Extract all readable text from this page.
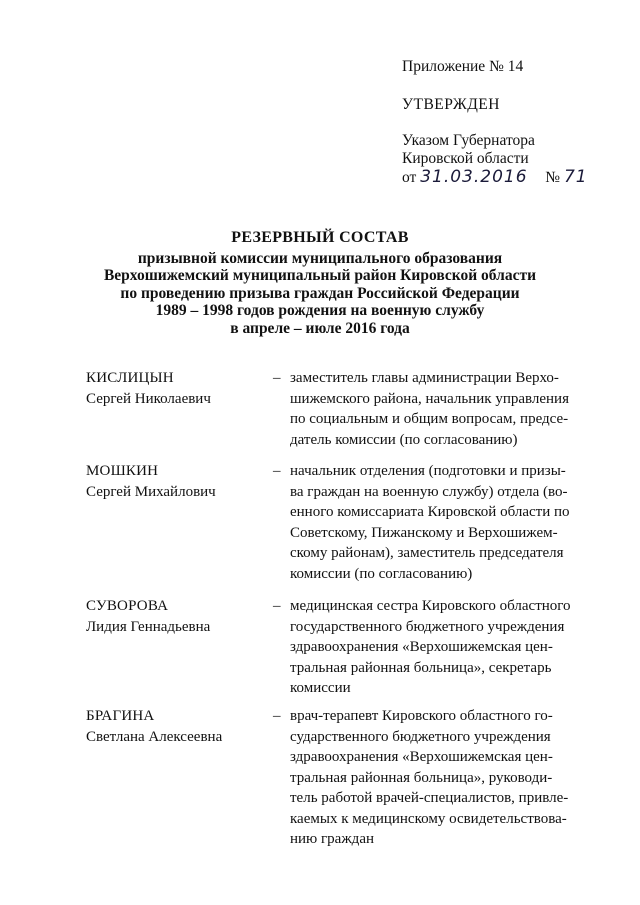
Приложение № 14
УТВЕРЖДЕН
Указом Губернатора
Кировской области
от 31.03.2016 № 71
РЕЗЕРВНЫЙ СОСТАВ
призывной комиссии муниципального образования
Верхошижемский муниципальный район Кировской области
по проведению призыва граждан Российской Федерации
1989 – 1998 годов рождения на военную службу
в апреле – июле 2016 года
КИСЛИЦЫН
Сергей Николаевич
– заместитель главы администрации Верхо-
шижемского района, начальник управления
по социальным и общим вопросам, предсе-
датель комиссии (по согласованию)
МОШКИН
Сергей Михайлович
– начальник отделения (подготовки и призы-
ва граждан на военную службу) отдела (во-
енного комиссариата Кировской области по
Советскому, Пижанскому и Верхошижем-
скому районам), заместитель председателя
комиссии (по согласованию)
СУВОРОВА
Лидия Геннадьевна
– медицинская сестра Кировского областного
государственного бюджетного учреждения
здравоохранения «Верхошижемская цен-
тральная районная больница», секретарь
комиссии
БРАГИНА
Светлана Алексеевна
– врач-терапевт Кировского областного го-
сударственного бюджетного учреждения
здравоохранения «Верхошижемская цен-
тральная районная больница», руководи-
тель работой врачей-специалистов, привле-
каемых к медицинскому освидетельствова-
нию граждан
